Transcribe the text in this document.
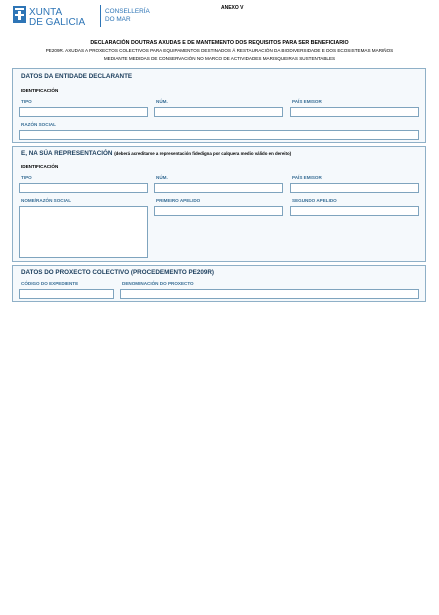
XUNTA
DE GALICIA
CONSELLERÍA
DO MAR
ANEXO V
DECLARACIÓN DOUTRAS AXUDAS E DE MANTEMENTO DOS REQUISITOS PARA SER BENEFICIARIO
PE209R. AXUDAS A PROXECTOS COLECTIVOS PARA EQUIPAMENTOS DESTINADOS Á RESTAURACIÓN DA BIODIVERSIDADE E DOS ECOSISTEMAS MARIÑOS
MEDIANTE MEDIDAS DE CONSERVACIÓN NO MARCO DE ACTIVIDADES MARISQUEIRAS SUSTENTABLES
DATOS DA ENTIDADE DECLARANTE
IDENTIFICACIÓN
TIPO	NÚM.	PAÍS EMISOR
RAZÓN SOCIAL
E, NA SÚA REPRESENTACIÓN (deberá acreditarse a representación fidedigna por calquera medio válido en dereito)
IDENTIFICACIÓN
TIPO	NÚM.	PAÍS EMISOR
NOME/RAZÓN SOCIAL	PRIMEIRO APELIDO	SEGUNDO APELIDO
DATOS DO PROXECTO COLECTIVO (PROCEDEMENTO PE209R)
CÓDIGO DO EXPEDIENTE	DENOMINACIÓN DO PROXECTO
